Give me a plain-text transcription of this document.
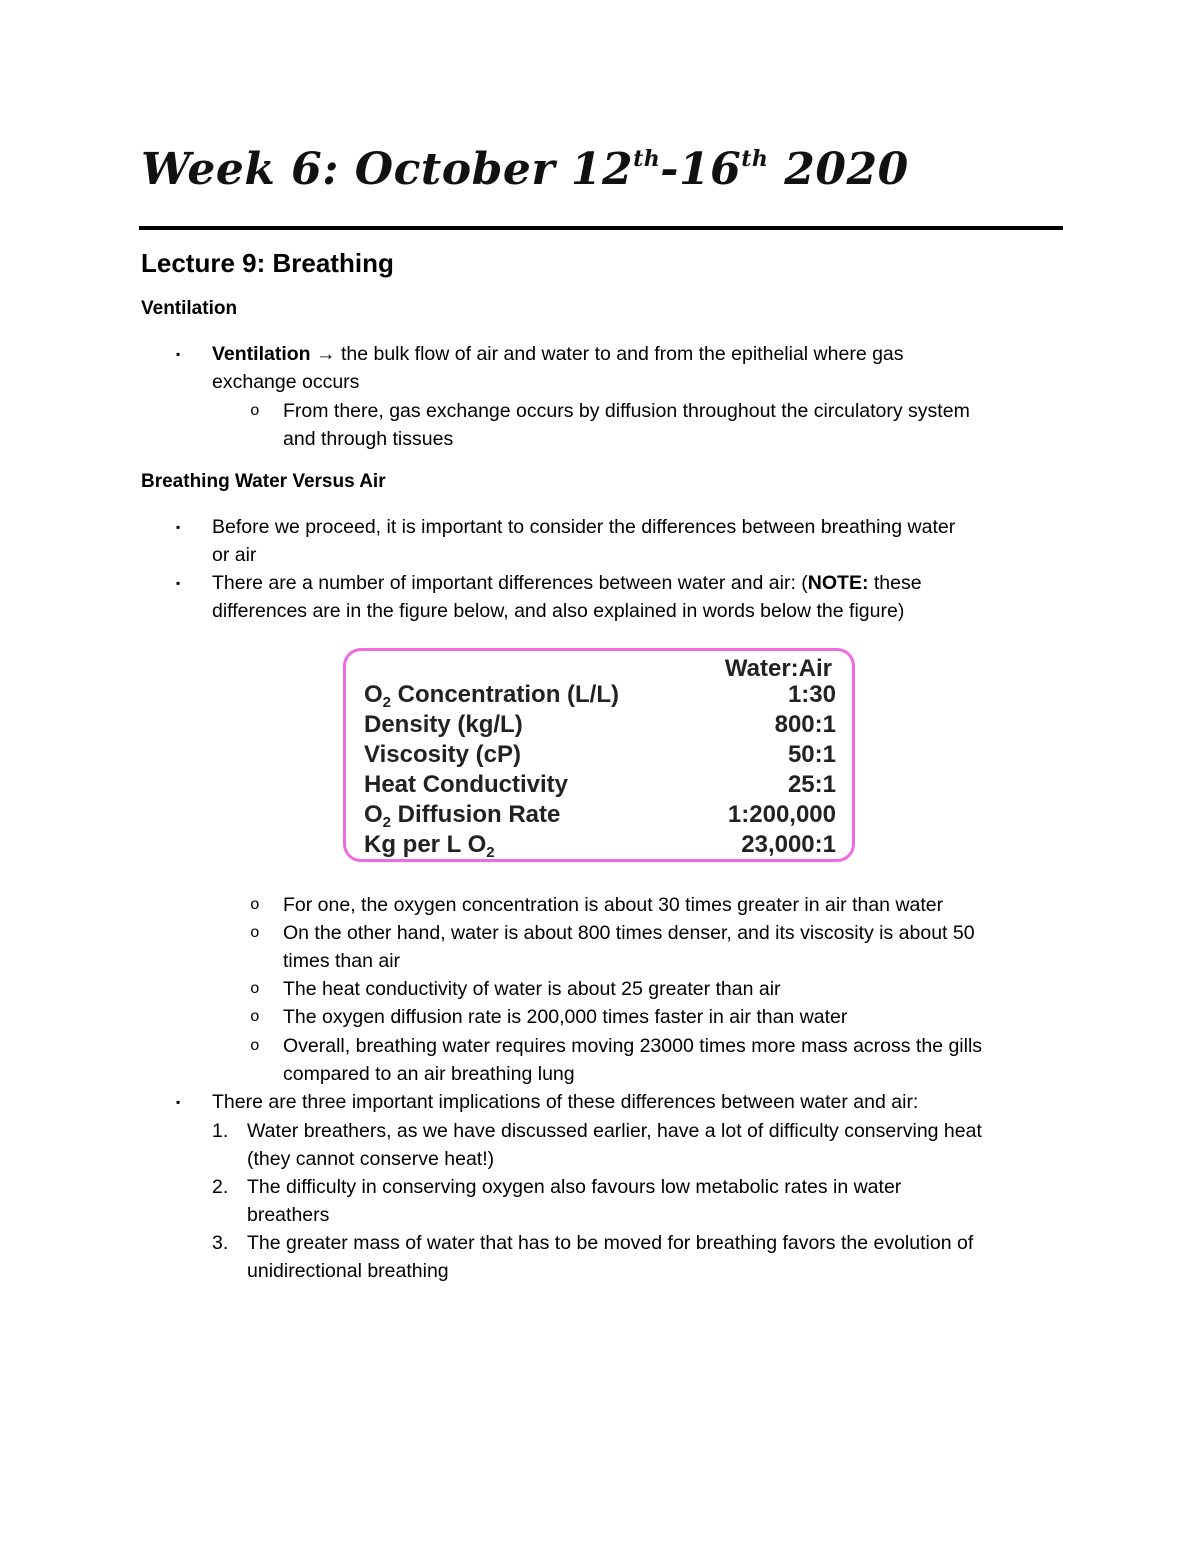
Week 6: October 12th-16th 2020
Lecture 9: Breathing
Ventilation
▪ Ventilation → the bulk flow of air and water to and from the epithelial where gas

exchange occurs

o From there, gas exchange occurs by diffusion throughout the circulatory system

and through tissues

Breathing Water Versus Air
▪ Before we proceed, it is important to consider the differences between breathing water

or air

▪ There are a number of important differences between water and air: (NOTE: these

differences are in the figure below, and also explained in words below the figure)

Water:Air
$O_2$ Concentration (L/L)	1:30
Density (kg/L)	800:1
Viscosity (cP)	50:1
Heat Conductivity	25:1
$O_2$ Diffusion Rate	1:200,000
Kg per L $O_2$	23,000:1
o For one, the oxygen concentration is about 30 times greater in air than water

o On the other hand, water is about 800 times denser, and its viscosity is about 50

times than air

o The heat conductivity of water is about 25 greater than air

o The oxygen diffusion rate is 200,000 times faster in air than water

o Overall, breathing water requires moving 23000 times more mass across the gills

compared to an air breathing lung

▪ There are three important implications of these differences between water and air:

1. Water breathers, as we have discussed earlier, have a lot of difficulty conserving heat

(they cannot conserve heat!)

2. The difficulty in conserving oxygen also favours low metabolic rates in water

breathers

3. The greater mass of water that has to be moved for breathing favors the evolution of

unidirectional breathing
